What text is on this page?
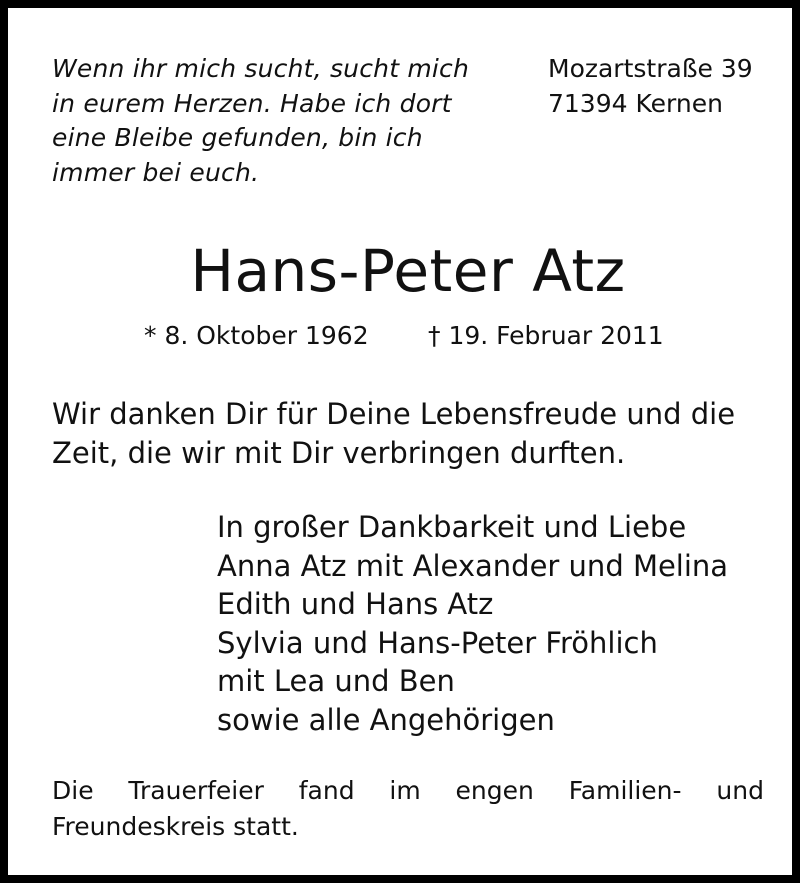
Wenn ihr mich sucht, sucht mich
in eurem Herzen. Habe ich dort
eine Bleibe gefunden, bin ich
immer bei euch.
Mozartstraße 39
71394 Kernen
Hans-Peter Atz
* 8. Oktober 1962 † 19. Februar 2011
Wir danken Dir für Deine Lebensfreude und die
Zeit, die wir mit Dir verbringen durften.
In großer Dankbarkeit und Liebe
Anna Atz mit Alexander und Melina
Edith und Hans Atz
Sylvia und Hans-Peter Fröhlich
mit Lea und Ben
sowie alle Angehörigen
Die Trauerfeier fand im engen Familien- und
Freundeskreis statt.
